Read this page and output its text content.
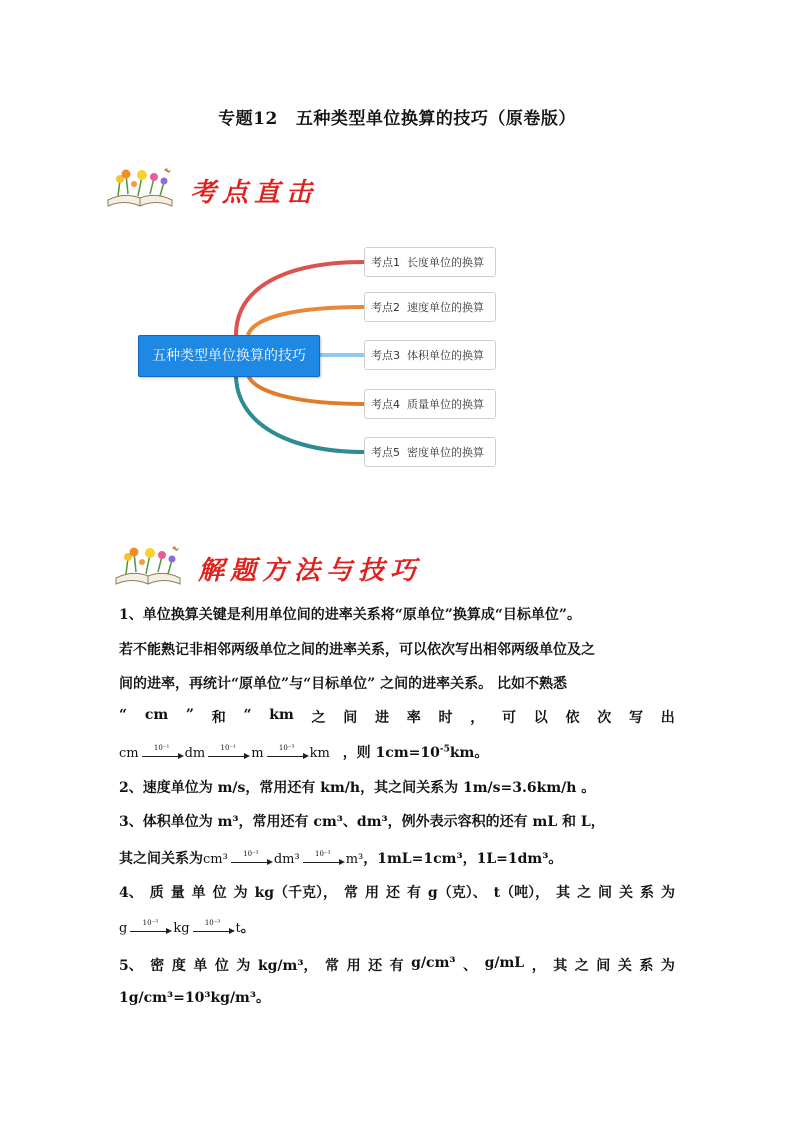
专题12 五种类型单位换算的技巧（原卷版）
考点直击
五种类型单位换算的技巧
考点1 长度单位的换算
考点2 速度单位的换算
考点3 体积单位的换算
考点4 质量单位的换算
考点5 密度单位的换算
解题方法与技巧
1、单位换算关键是利用单位间的进率关系将“原单位”换算成“目标单位”。
若不能熟记非相邻两级单位之间的进率关系，可以依次写出相邻两级单位及之
间的进率，再统计“原单位”与“目标单位” 之间的进率关系。 比如不熟悉
“ cm ” 和 “ km 之 间 进 率 时 ， 可 以 依 次 写 出
cm	10⁻¹	dm	10⁻¹	m	10⁻³	km ，则 $1cm=10^{-5}km$。
2、速度单位为 m/s，常用还有 km/h，其之间关系为 1m/s=3.6km/h 。
3、体积单位为 m³，常用还有 cm³、dm³，例外表示容积的还有 mL 和 L，
其之间关系为 cm³	10⁻³	dm³	10⁻³	m³ ，1mL=1cm³，1L=1dm³。
4、 质 量 单 位 为 kg（千克）， 常 用 还 有 g（克）、 t（吨）， 其 之 间 关 系 为
g	10⁻³	kg	10⁻³	t 。
5、 密 度 单 位 为 kg/m³， 常 用 还 有 g/cm³ 、 g/mL ， 其 之 间 关 系 为
1g/cm³=10³kg/m³。
